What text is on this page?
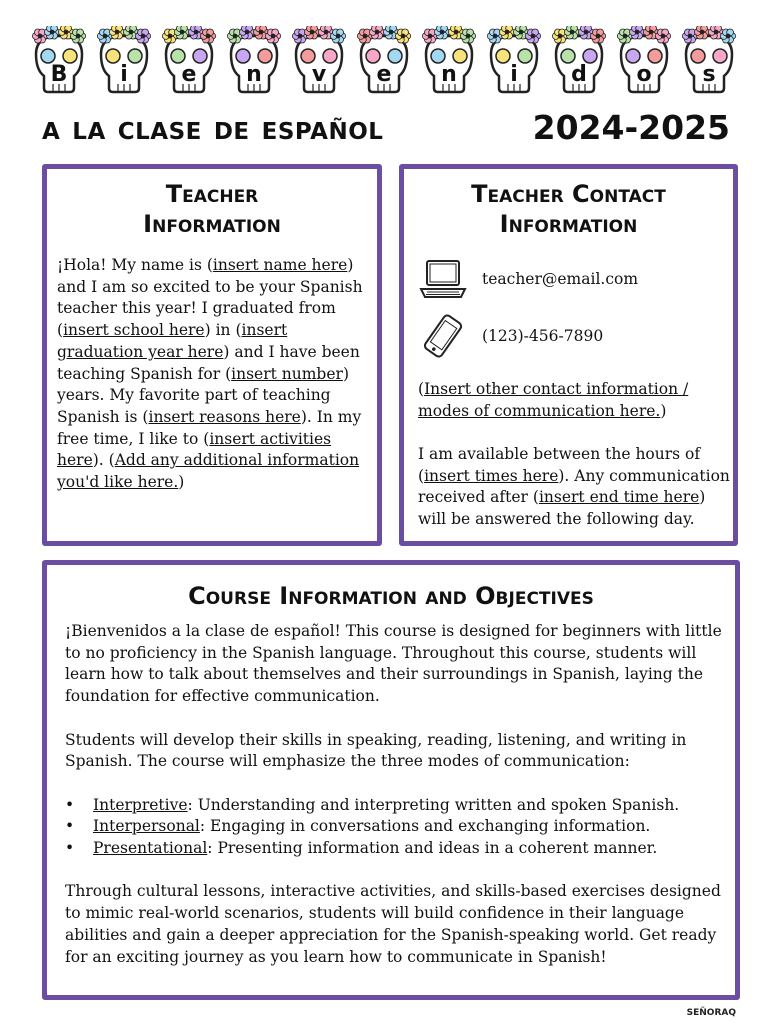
B	i	e	n	v	e	n	i	d	o	s
a la clase de español	2024-2025
Teacher
Information
¡Hola! My name is (insert name here) and I am so excited to be your Spanish teacher this year! I graduated from (insert school here) in (insert graduation year here) and I have been teaching Spanish for (insert number) years. My favorite part of teaching Spanish is (insert reasons here). In my free time, I like to (insert activities here). (Add any additional information you'd like here.)
Teacher Contact
Information
teacher@email.com
(123)-456-7890
(Insert other contact information / modes of communication here.)
I am available between the hours of (insert times here). Any communication received after (insert end time here) will be answered the following day.
Course Information and Objectives

¡Bienvenidos a la clase de español! This course is designed for beginners with little to no proficiency in the Spanish language. Throughout this course, students will learn how to talk about themselves and their surroundings in Spanish, laying the foundation for effective communication.

Students will develop their skills in speaking, reading, listening, and writing in Spanish. The course will emphasize the three modes of communication:

• Interpretive: Understanding and interpreting written and spoken Spanish.
• Interpersonal: Engaging in conversations and exchanging information.
• Presentational: Presenting information and ideas in a coherent manner.

Through cultural lessons, interactive activities, and skills-based exercises designed to mimic real-world scenarios, students will build confidence in their language abilities and gain a deeper appreciation for the Spanish-speaking world. Get ready for an exciting journey as you learn how to communicate in Spanish!

SEÑORAQ
